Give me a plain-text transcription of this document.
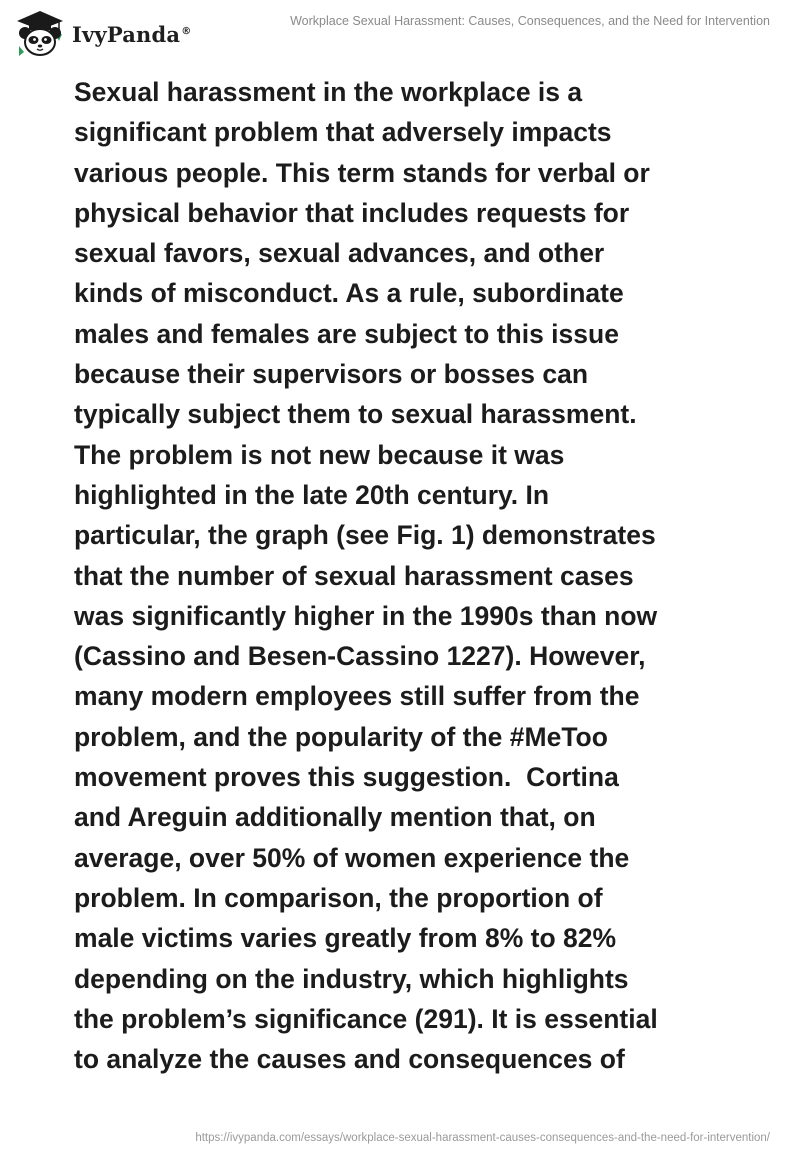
IvyPanda®
Workplace Sexual Harassment: Causes, Consequences, and the Need for Intervention

Sexual harassment in the workplace is a
significant problem that adversely impacts
various people. This term stands for verbal or
physical behavior that includes requests for
sexual favors, sexual advances, and other
kinds of misconduct. As a rule, subordinate
males and females are subject to this issue
because their supervisors or bosses can
typically subject them to sexual harassment.
The problem is not new because it was
highlighted in the late 20th century. In
particular, the graph (see Fig. 1) demonstrates
that the number of sexual harassment cases
was significantly higher in the 1990s than now
(Cassino and Besen-Cassino 1227). However,
many modern employees still suffer from the
problem, and the popularity of the #MeToo
movement proves this suggestion.  Cortina
and Areguin additionally mention that, on
average, over 50% of women experience the
problem. In comparison, the proportion of
male victims varies greatly from 8% to 82%
depending on the industry, which highlights
the problem’s significance (291). It is essential
to analyze the causes and consequences of

https://ivypanda.com/essays/workplace-sexual-harassment-causes-consequences-and-the-need-for-intervention/
